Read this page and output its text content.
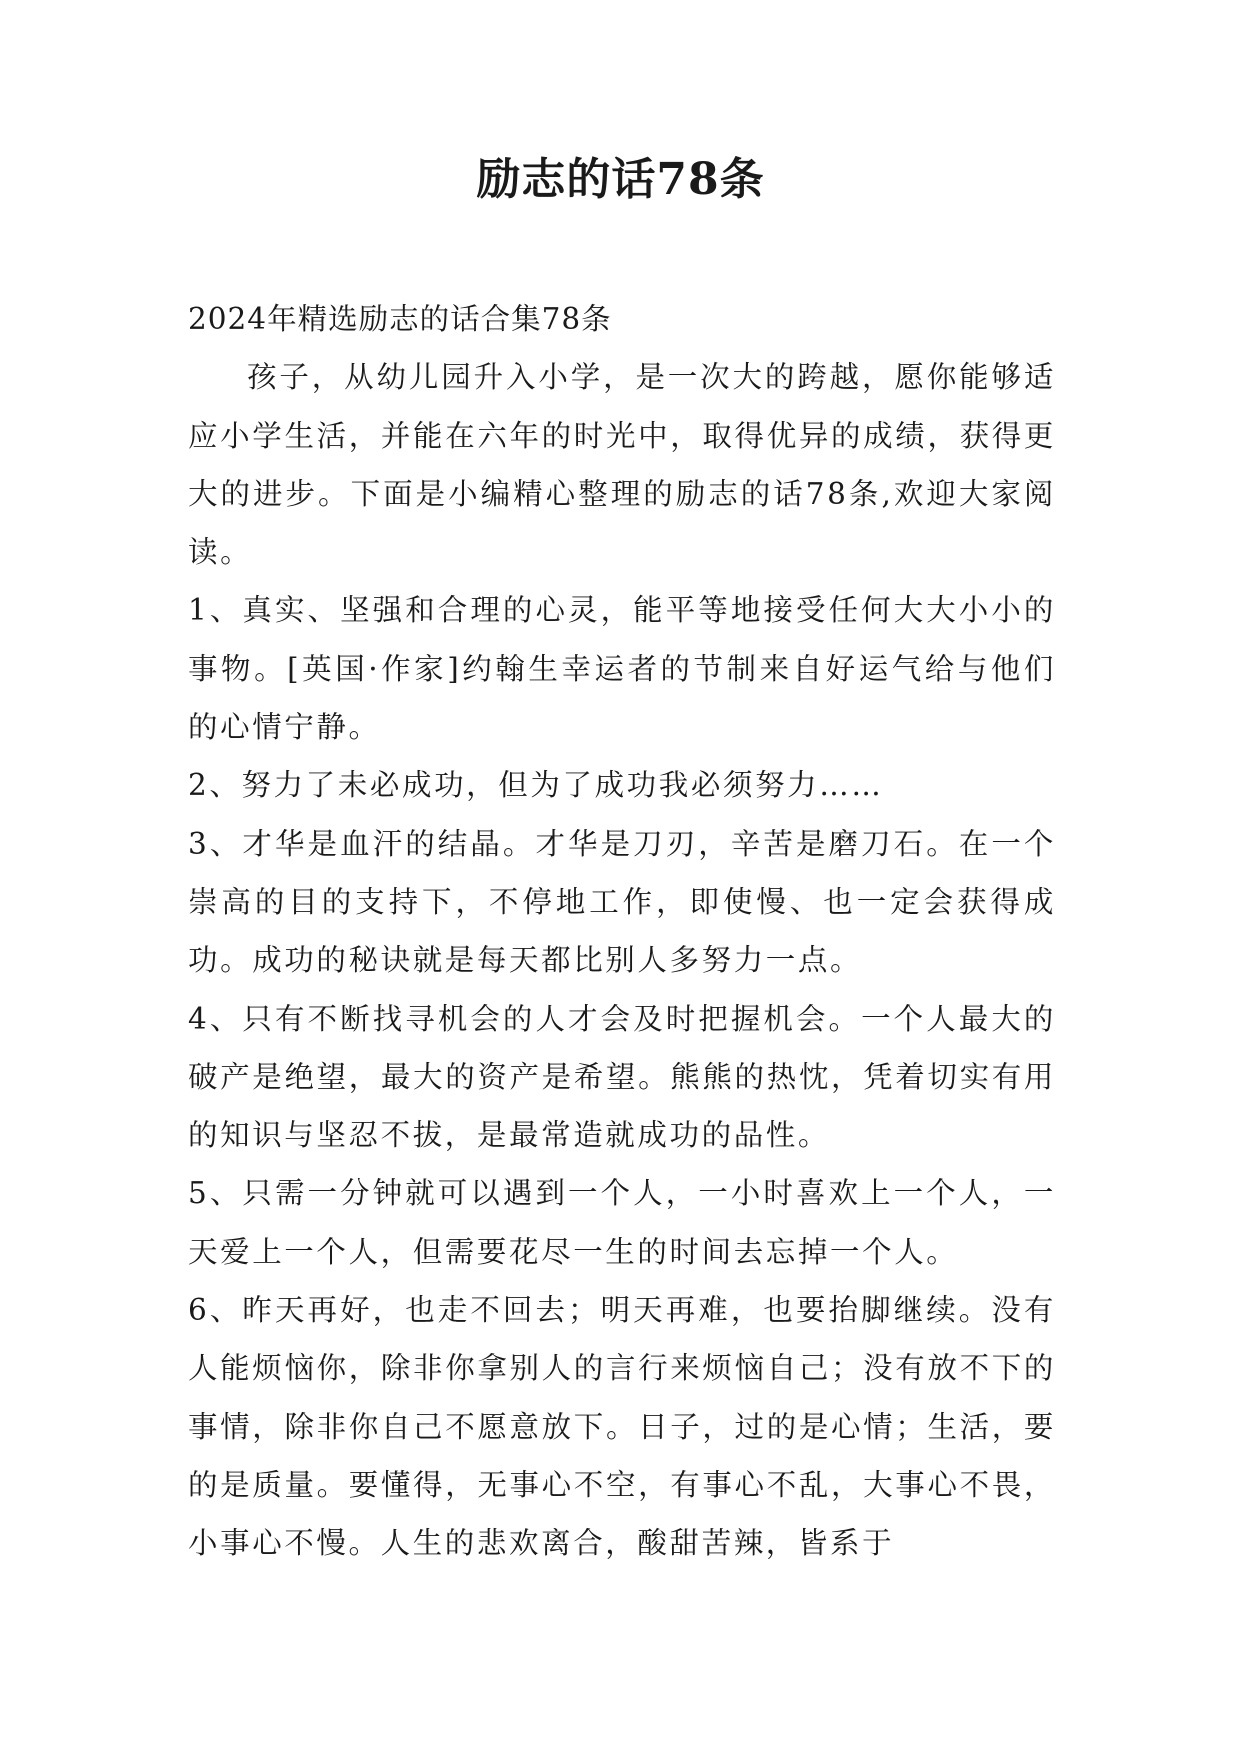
励志的话78条

2024年精选励志的话合集78条

孩子，从幼儿园升入小学，是一次大的跨越，愿你能够适应小学生活，并能在六年的时光中，取得优异的成绩，获得更大的进步。下面是小编精心整理的励志的话78条,欢迎大家阅读。

1、真实、坚强和合理的心灵，能平等地接受任何大大小小的事物。[英国·作家]约翰生幸运者的节制来自好运气给与他们的心情宁静。

2、努力了未必成功，但为了成功我必须努力……

3、才华是血汗的结晶。才华是刀刃，辛苦是磨刀石。在一个崇高的目的支持下，不停地工作，即使慢、也一定会获得成功。成功的秘诀就是每天都比别人多努力一点。

4、只有不断找寻机会的人才会及时把握机会。一个人最大的破产是绝望，最大的资产是希望。熊熊的热忱，凭着切实有用的知识与坚忍不拔，是最常造就成功的品性。

5、只需一分钟就可以遇到一个人，一小时喜欢上一个人，一天爱上一个人，但需要花尽一生的时间去忘掉一个人。

6、昨天再好，也走不回去；明天再难，也要抬脚继续。没有人能烦恼你，除非你拿别人的言行来烦恼自己；没有放不下的事情，除非你自己不愿意放下。日子，过的是心情；生活，要的是质量。要懂得，无事心不空，有事心不乱，大事心不畏，小事心不慢。人生的悲欢离合，酸甜苦辣，皆系于
